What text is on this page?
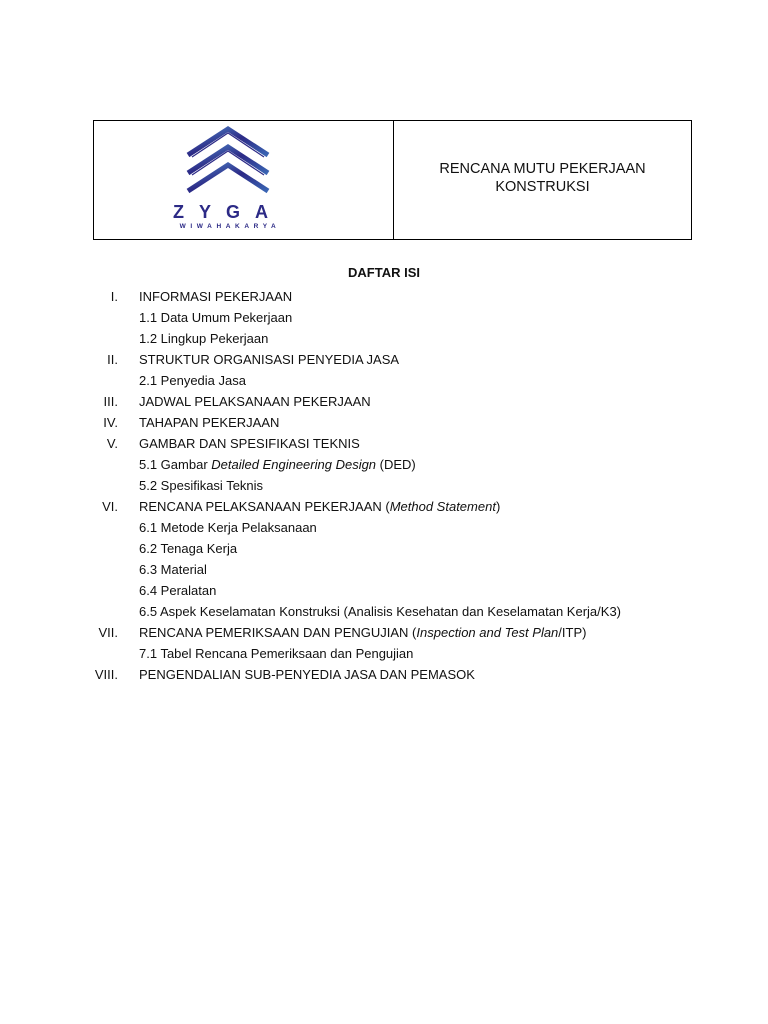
ZYGA
WIWAHAKARYA
RENCANA MUTU PEKERJAAN
KONSTRUKSI
DAFTAR ISI
I. INFORMASI PEKERJAAN
1.1 Data Umum Pekerjaan
1.2 Lingkup Pekerjaan
II. STRUKTUR ORGANISASI PENYEDIA JASA
2.1 Penyedia Jasa
III. JADWAL PELAKSANAAN PEKERJAAN
IV. TAHAPAN PEKERJAAN
V. GAMBAR DAN SPESIFIKASI TEKNIS
5.1 Gambar Detailed Engineering Design (DED)
5.2 Spesifikasi Teknis
VI. RENCANA PELAKSANAAN PEKERJAAN (Method Statement)
6.1 Metode Kerja Pelaksanaan
6.2 Tenaga Kerja
6.3 Material
6.4 Peralatan
6.5 Aspek Keselamatan Konstruksi (Analisis Kesehatan dan Keselamatan Kerja/K3)
VII. RENCANA PEMERIKSAAN DAN PENGUJIAN (Inspection and Test Plan/ITP)
7.1 Tabel Rencana Pemeriksaan dan Pengujian
VIII. PENGENDALIAN SUB-PENYEDIA JASA DAN PEMASOK
